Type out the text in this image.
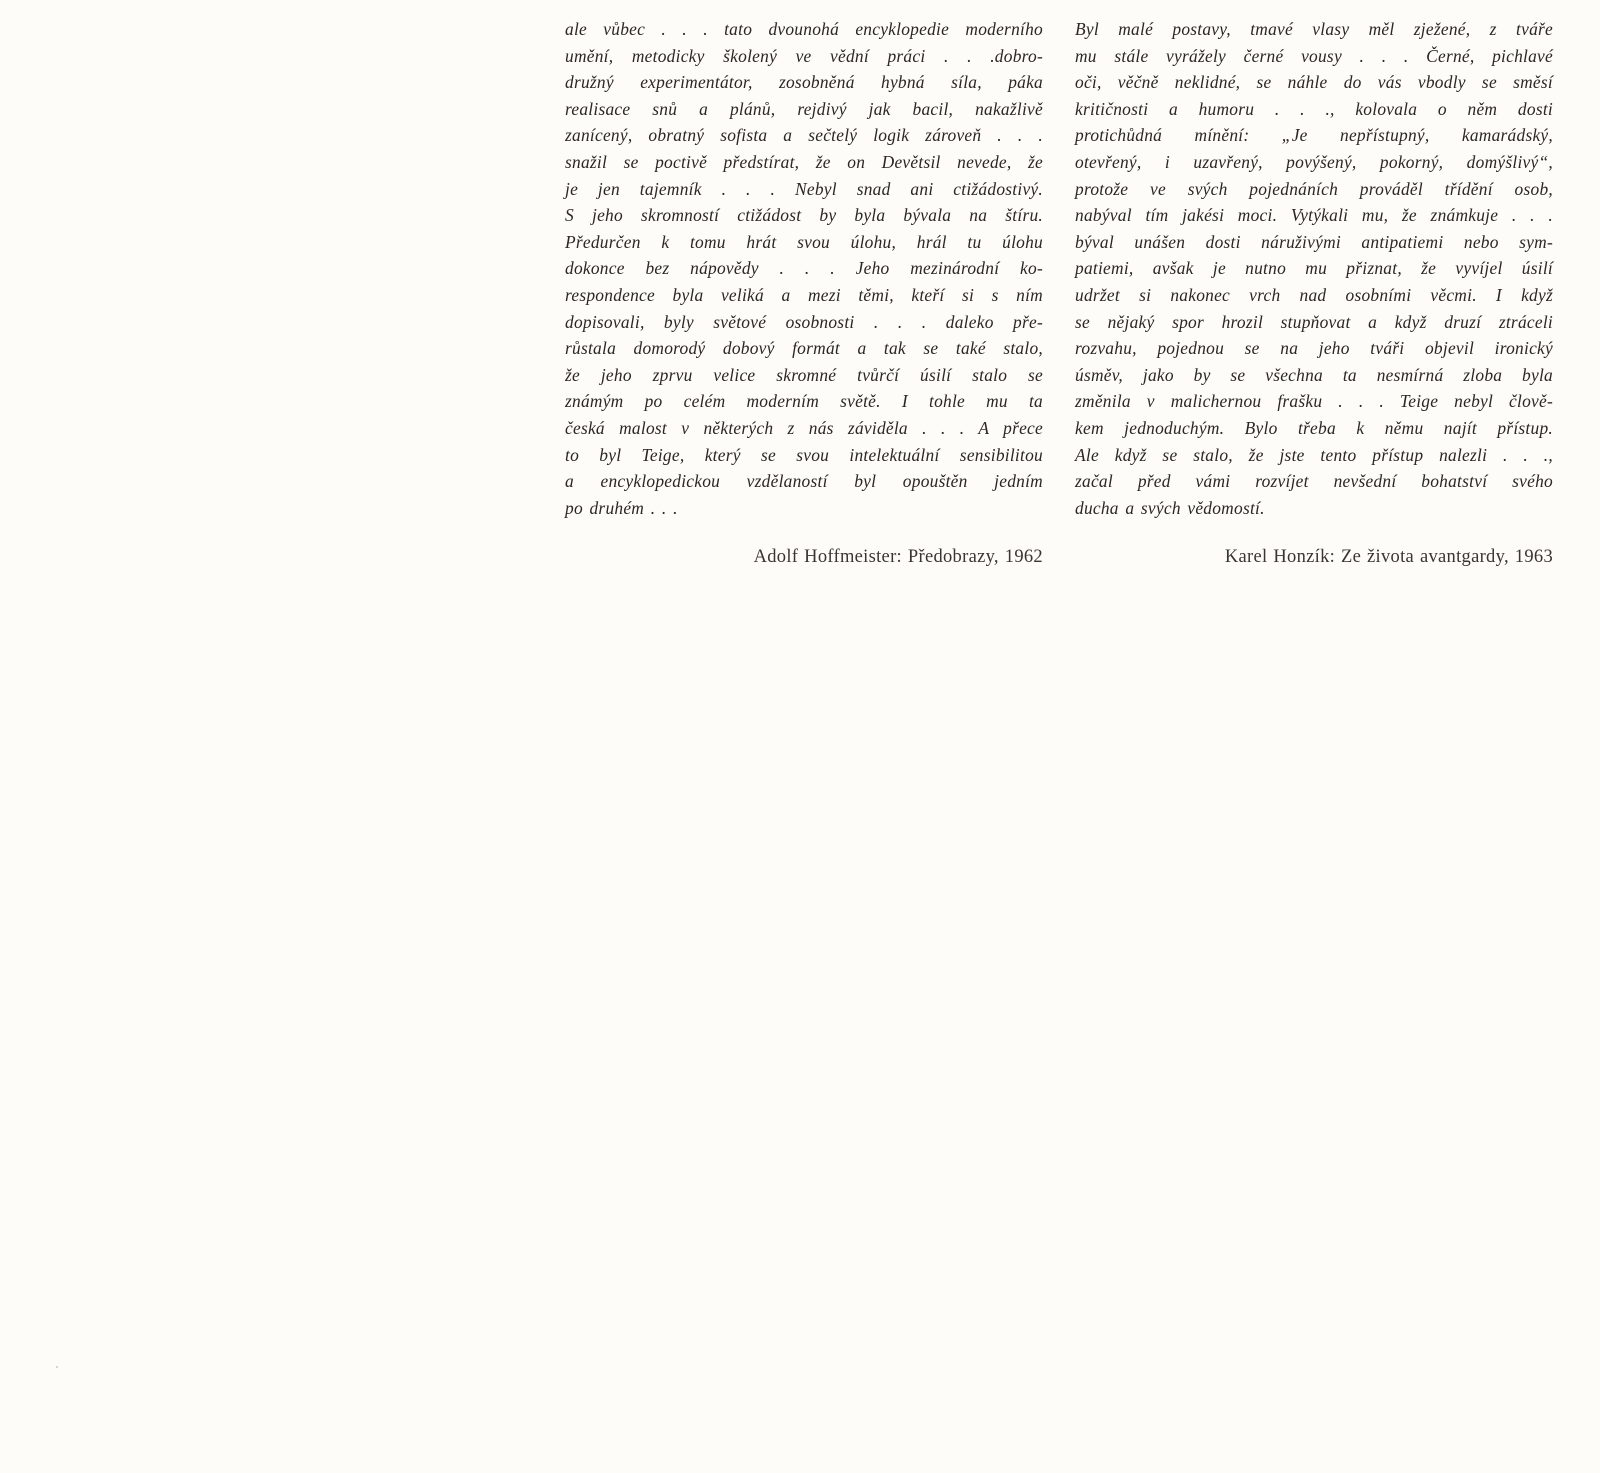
ale vůbec . . . tato dvounohá encyklopedie moderního
umění, metodicky školený ve vědní práci . . .dobro-
družný experimentátor, zosobněná hybná síla, páka
realisace snů a plánů, rejdivý jak bacil, nakažlivě
zanícený, obratný sofista a sečtelý logik zároveň . . .
snažil se poctivě předstírat, že on Devětsil nevede, že
je jen tajemník . . . Nebyl snad ani ctižádostivý.
S jeho skromností ctižádost by byla bývala na štíru.
Předurčen k tomu hrát svou úlohu, hrál tu úlohu
dokonce bez nápovědy . . . Jeho mezinárodní ko-
respondence byla veliká a mezi těmi, kteří si s ním
dopisovali, byly světové osobnosti . . . daleko pře-
růstala domorodý dobový formát a tak se také stalo,
že jeho zprvu velice skromné tvůrčí úsilí stalo se
známým po celém moderním světě. I tohle mu ta
česká malost v některých z nás záviděla . . . A přece
to byl Teige, který se svou intelektuální sensibilitou
a encyklopedickou vzdělaností byl opouštěn jedním
po druhém . . .

Adolf Hoffmeister: Předobrazy, 1962

Byl malé postavy, tmavé vlasy měl zježené, z tváře
mu stále vyrážely černé vousy . . . Černé, pichlavé
oči, věčně neklidné, se náhle do vás vbodly se směsí
kritičnosti a humoru . . ., kolovala o něm dosti
protichůdná mínění: „Je nepřístupný, kamarádský,
otevřený, i uzavřený, povýšený, pokorný, domýšlivý“,
protože ve svých pojednáních prováděl třídění osob,
nabýval tím jakési moci. Vytýkali mu, že známkuje . . .
býval unášen dosti náruživými antipatiemi nebo sym-
patiemi, avšak je nutno mu přiznat, že vyvíjel úsilí
udržet si nakonec vrch nad osobními věcmi. I když
se nějaký spor hrozil stupňovat a když druzí ztráceli
rozvahu, pojednou se na jeho tváři objevil ironický
úsměv, jako by se všechna ta nesmírná zloba byla
změnila v malichernou frašku . . . Teige nebyl člově-
kem jednoduchým. Bylo třeba k němu najít přístup.
Ale když se stalo, že jste tento přístup nalezli . . .,
začal před vámi rozvíjet nevšední bohatství svého
ducha a svých vědomostí.

Karel Honzík: Ze života avantgardy, 1963
